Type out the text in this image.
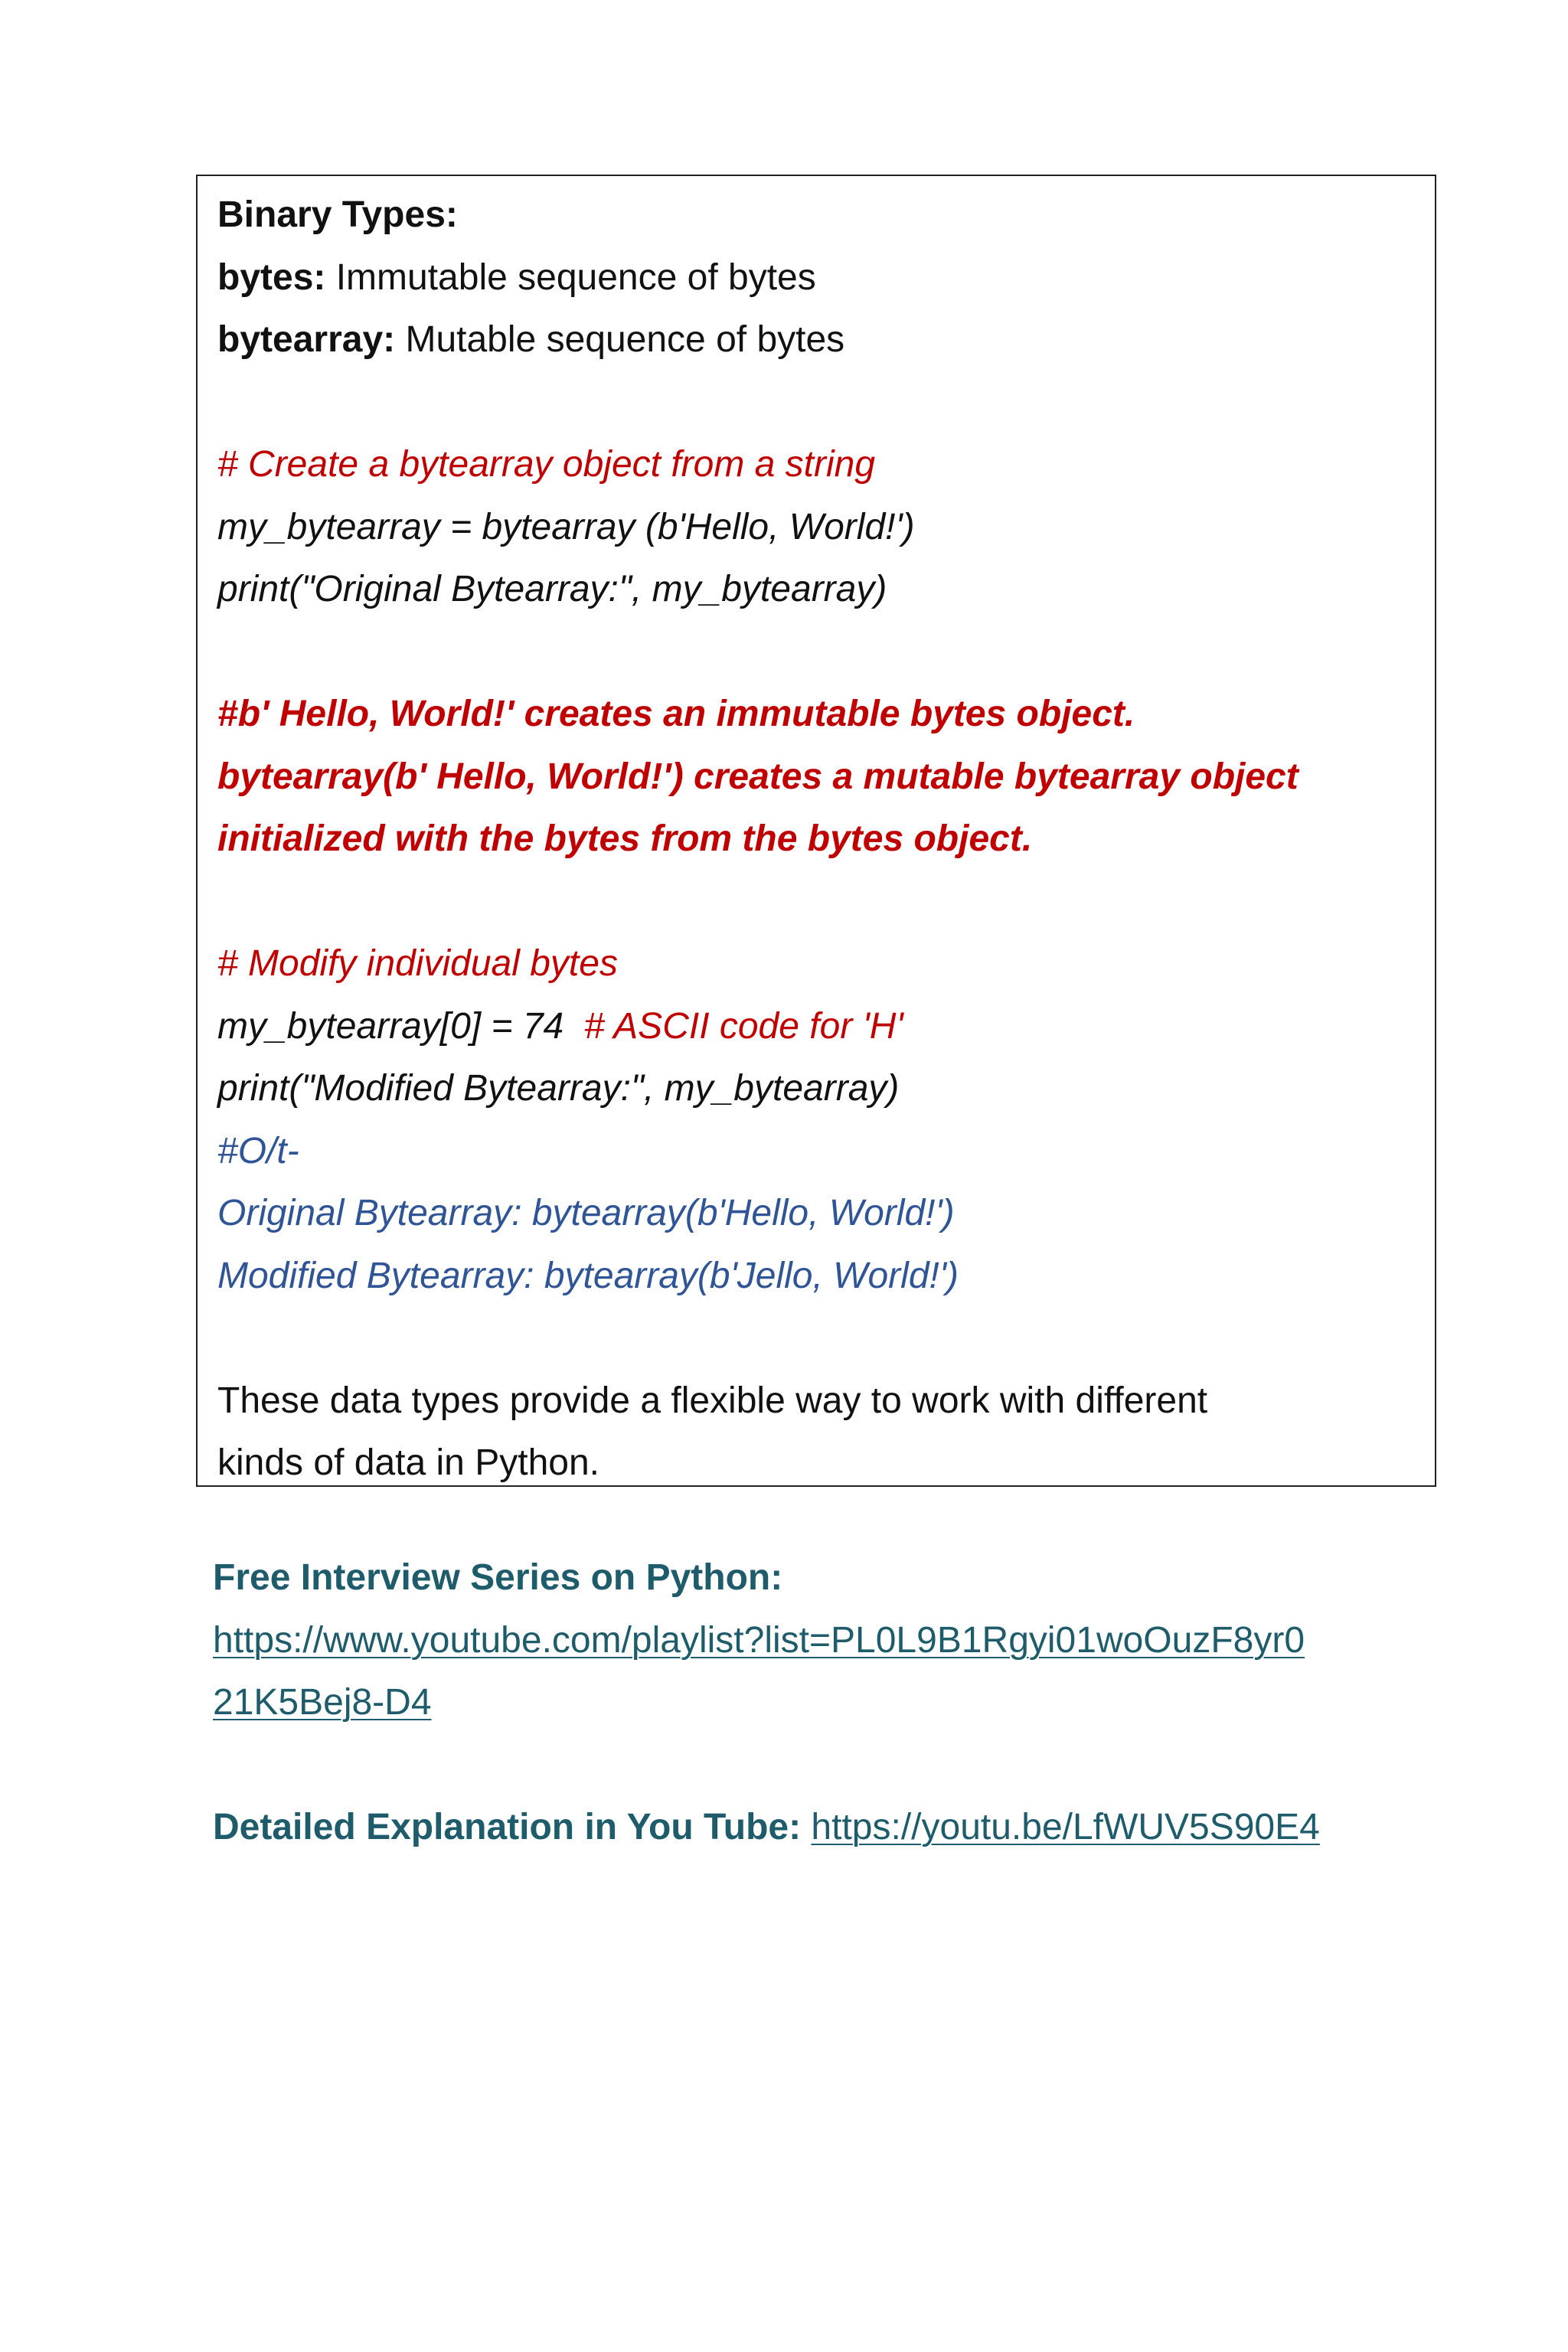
Binary Types:
bytes: Immutable sequence of bytes
bytearray: Mutable sequence of bytes
# Create a bytearray object from a string
my_bytearray = bytearray (b'Hello, World!')
print("Original Bytearray:", my_bytearray)
#b' Hello, World!' creates an immutable bytes object.
bytearray(b' Hello, World!') creates a mutable bytearray object
initialized with the bytes from the bytes object.
# Modify individual bytes
my_bytearray[0] = 74  # ASCII code for 'H'
print("Modified Bytearray:", my_bytearray)
#O/t-
Original Bytearray: bytearray(b'Hello, World!')
Modified Bytearray: bytearray(b'Jello, World!')
These data types provide a flexible way to work with different
kinds of data in Python.
Free Interview Series on Python:
https://www.youtube.com/playlist?list=PL0L9B1Rgyi01woOuzF8yr0
21K5Bej8-D4
Detailed Explanation in You Tube: https://youtu.be/LfWUV5S90E4
